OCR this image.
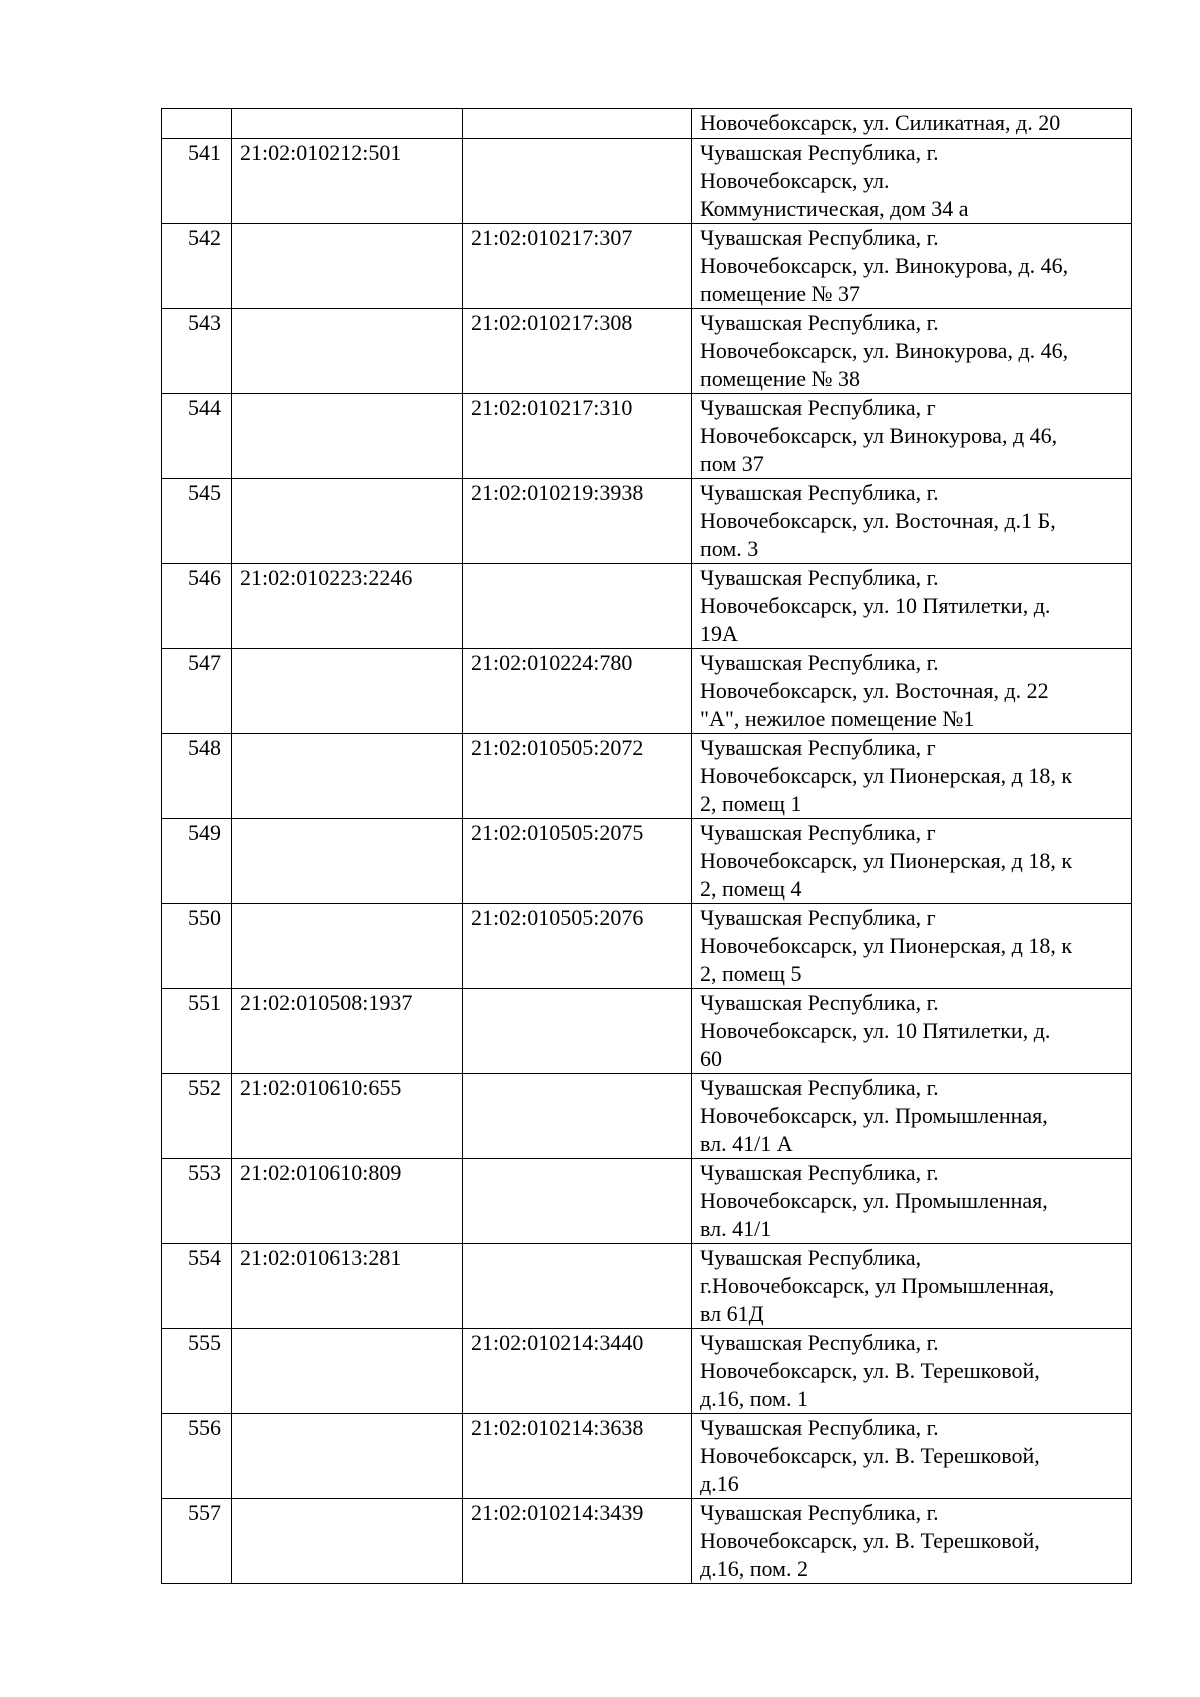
			Новочебоксарск, ул. Силикатная, д. 20
541	21:02:010212:501		Чувашская Республика, г.
Новочебоксарск, ул.
Коммунистическая, дом 34 а
542		21:02:010217:307	Чувашская Республика, г.
Новочебоксарск, ул. Винокурова, д. 46,
помещение № 37
543		21:02:010217:308	Чувашская Республика, г.
Новочебоксарск, ул. Винокурова, д. 46,
помещение № 38
544		21:02:010217:310	Чувашская Республика, г
Новочебоксарск, ул Винокурова, д 46,
пом 37
545		21:02:010219:3938	Чувашская Республика, г.
Новочебоксарск, ул. Восточная, д.1 Б,
пом. 3
546	21:02:010223:2246		Чувашская Республика, г.
Новочебоксарск, ул. 10 Пятилетки, д.
19А
547		21:02:010224:780	Чувашская Республика, г.
Новочебоксарск, ул. Восточная, д. 22
"А", нежилое помещение №1
548		21:02:010505:2072	Чувашская Республика, г
Новочебоксарск, ул Пионерская, д 18, к
2, помещ 1
549		21:02:010505:2075	Чувашская Республика, г
Новочебоксарск, ул Пионерская, д 18, к
2, помещ 4
550		21:02:010505:2076	Чувашская Республика, г
Новочебоксарск, ул Пионерская, д 18, к
2, помещ 5
551	21:02:010508:1937		Чувашская Республика, г.
Новочебоксарск, ул. 10 Пятилетки, д.
60
552	21:02:010610:655		Чувашская Республика, г.
Новочебоксарск, ул. Промышленная,
вл. 41/1 А
553	21:02:010610:809		Чувашская Республика, г.
Новочебоксарск, ул. Промышленная,
вл. 41/1
554	21:02:010613:281		Чувашская Республика,
г.Новочебоксарск, ул Промышленная,
вл 61Д
555		21:02:010214:3440	Чувашская Республика, г.
Новочебоксарск, ул. В. Терешковой,
д.16, пом. 1
556		21:02:010214:3638	Чувашская Республика, г.
Новочебоксарск, ул. В. Терешковой,
д.16
557		21:02:010214:3439	Чувашская Республика, г.
Новочебоксарск, ул. В. Терешковой,
д.16, пом. 2
